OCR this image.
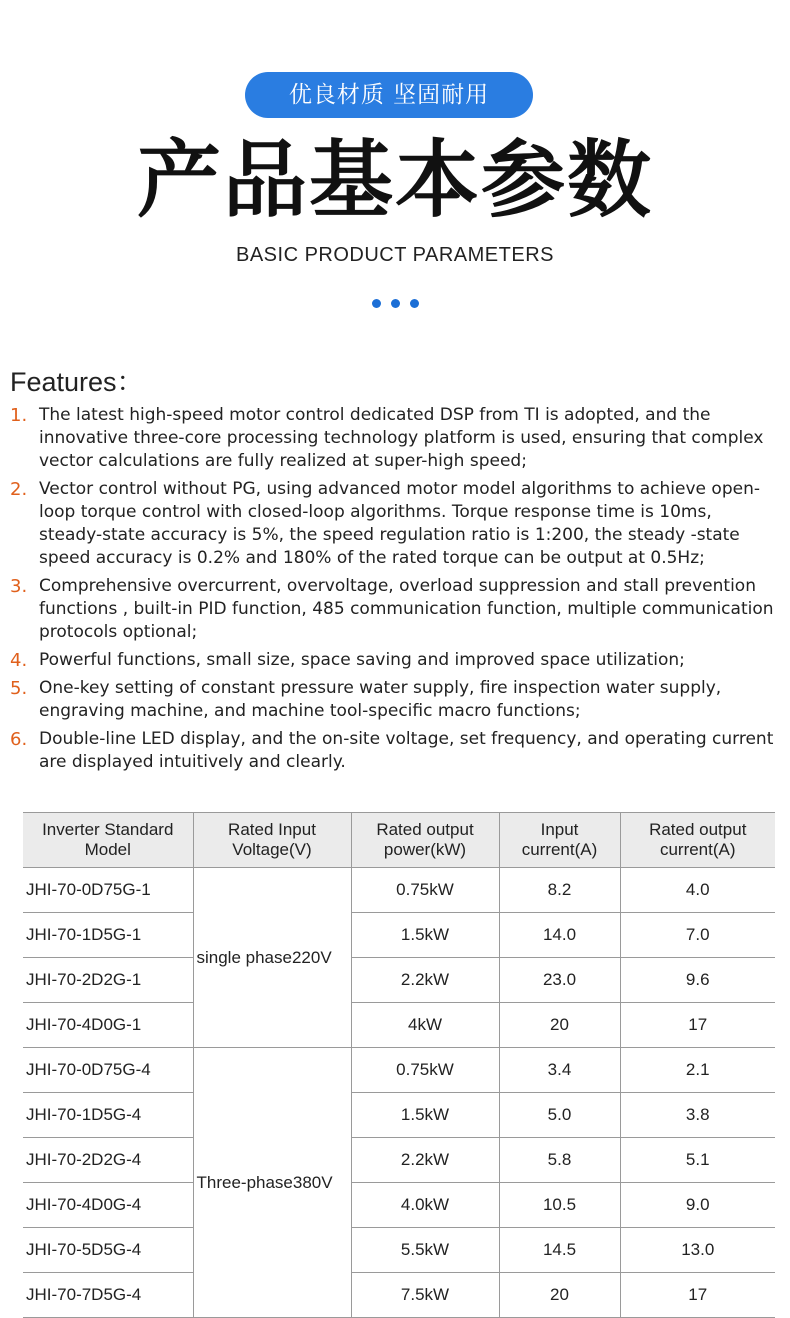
优良材质 坚固耐用
产品基本参数
BASIC PRODUCT PARAMETERS
Features：
1. The latest high-speed motor control dedicated DSP from TI is adopted, and the innovative three-core processing technology platform is used, ensuring that complex vector calculations are fully realized at super-high speed;
2. Vector control without PG, using advanced motor model algorithms to achieve open-loop torque control with closed-loop algorithms. Torque response time is 10ms, steady-state accuracy is 5%, the speed regulation ratio is 1:200, the steady -state speed accuracy is 0.2% and 180% of the rated torque can be output at 0.5Hz;
3. Comprehensive overcurrent, overvoltage, overload suppression and stall prevention functions , built-in PID function, 485 communication function, multiple communication protocols optional;
4. Powerful functions, small size, space saving and improved space utilization;
5. One-key setting of constant pressure water supply, fire inspection water supply, engraving machine, and machine tool-specific macro functions;
6. Double-line LED display, and the on-site voltage, set frequency, and operating current are displayed intuitively and clearly.
Inverter Standard Model	Rated Input Voltage(V)	Rated output power(kW)	Input current(A)	Rated output current(A)
JHI-70-0D75G-1	single phase220V	0.75kW	8.2	4.0
JHI-70-1D5G-1		1.5kW	14.0	7.0
JHI-70-2D2G-1		2.2kW	23.0	9.6
JHI-70-4D0G-1		4kW	20	17
JHI-70-0D75G-4	Three-phase380V	0.75kW	3.4	2.1
JHI-70-1D5G-4		1.5kW	5.0	3.8
JHI-70-2D2G-4		2.2kW	5.8	5.1
JHI-70-4D0G-4		4.0kW	10.5	9.0
JHI-70-5D5G-4		5.5kW	14.5	13.0
JHI-70-7D5G-4		7.5kW	20	17
